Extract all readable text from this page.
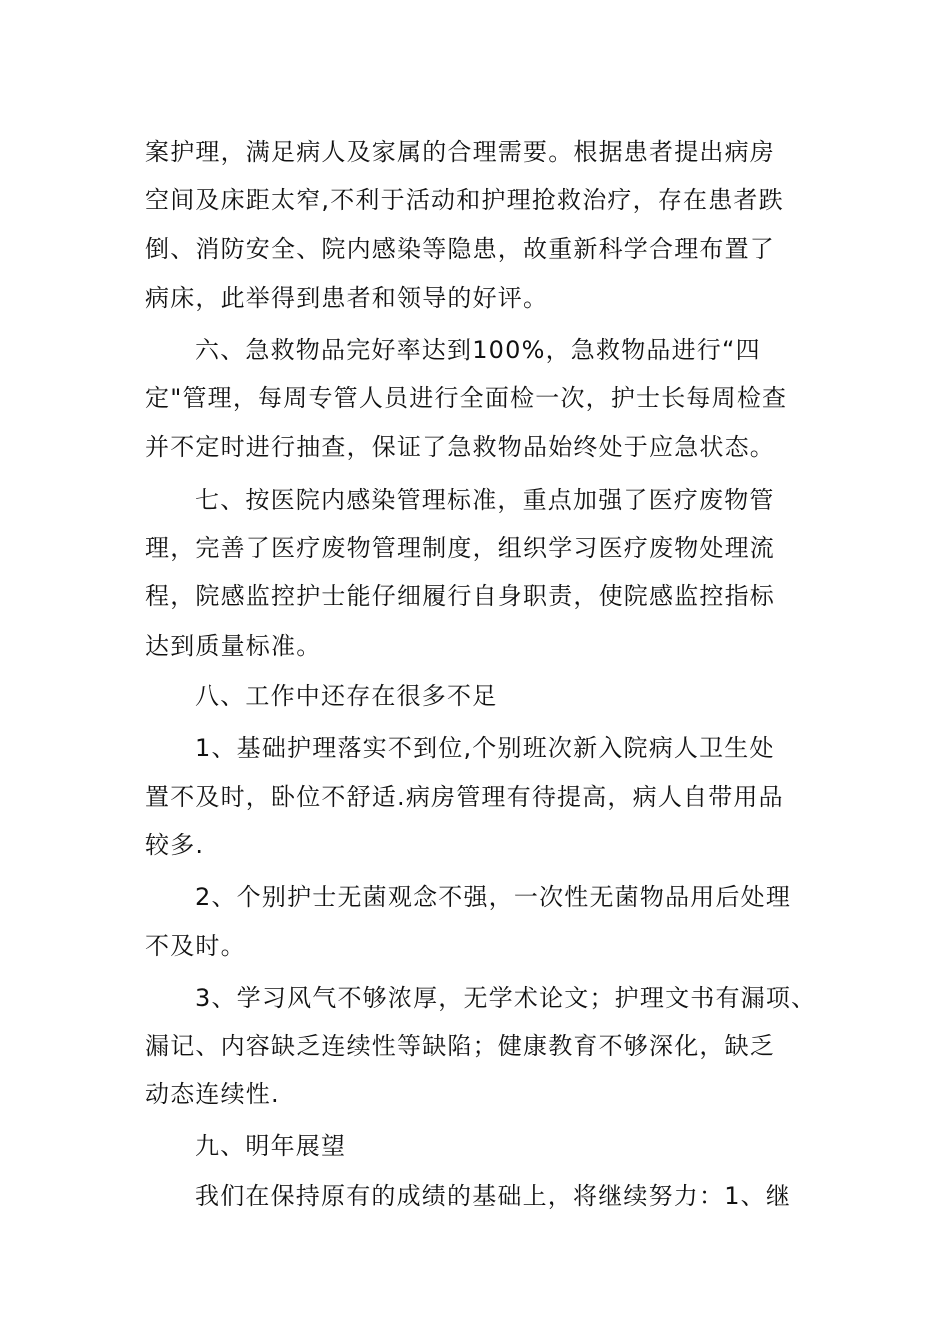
案护理，满足病人及家属的合理需要。根据患者提出病房
空间及床距太窄,不利于活动和护理抢救治疗，存在患者跌
倒、消防安全、院内感染等隐患，故重新科学合理布置了
病床，此举得到患者和领导的好评。
六、急救物品完好率达到100%，急救物品进行“四
定"管理，每周专管人员进行全面检一次，护士长每周检查
并不定时进行抽查，保证了急救物品始终处于应急状态。
七、按医院内感染管理标准，重点加强了医疗废物管
理，完善了医疗废物管理制度，组织学习医疗废物处理流
程，院感监控护士能仔细履行自身职责，使院感监控指标
达到质量标准。
八、工作中还存在很多不足
1、基础护理落实不到位,个别班次新入院病人卫生处
置不及时，卧位不舒适.病房管理有待提高，病人自带用品
较多.
2、个别护士无菌观念不强，一次性无菌物品用后处理
不及时。
3、学习风气不够浓厚，无学术论文；护理文书有漏项、
漏记、内容缺乏连续性等缺陷；健康教育不够深化，缺乏
动态连续性.
九、明年展望
我们在保持原有的成绩的基础上，将继续努力：1、继
